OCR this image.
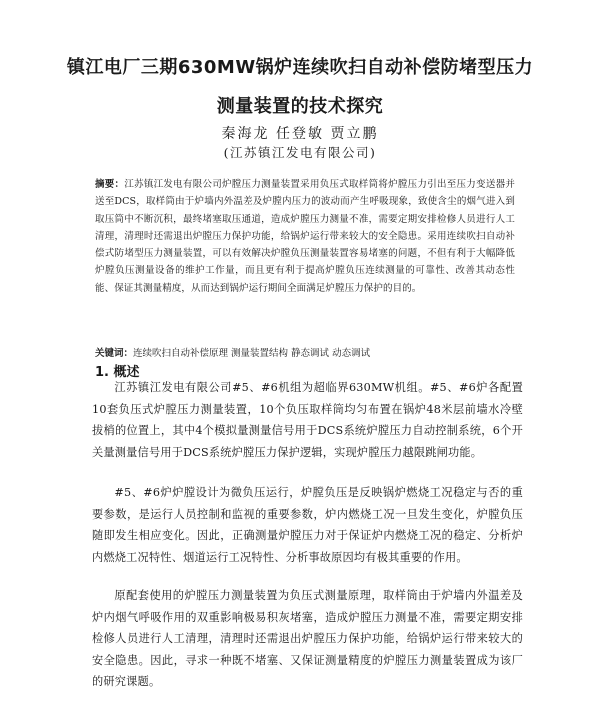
镇江电厂三期630MW锅炉连续吹扫自动补偿防堵型压力
测量装置的技术探究
秦海龙 任登敏 贾立鹏
(江苏镇江发电有限公司)

摘要：江苏镇江发电有限公司炉膛压力测量装置采用负压式取样筒将炉膛压力引出至压力变送器并送至DCS，取样筒由于炉墙内外温差及炉膛内压力的波动而产生呼吸现象，致使含尘的烟气进入到取压筒中不断沉积，最终堵塞取压通道，造成炉膛压力测量不准，需要定期安排检修人员进行人工清理，清理时还需退出炉膛压力保护功能，给锅炉运行带来较大的安全隐患。采用连续吹扫自动补偿式防堵型压力测量装置，可以有效解决炉膛负压测量装置容易堵塞的问题，不但有利于大幅降低炉膛负压测量设备的维护工作量，而且更有利于提高炉膛负压连续测量的可靠性、改善其动态性能、保证其测量精度，从而达到锅炉运行期间全面满足炉膛压力保护的目的。

关键词：连续吹扫自动补偿原理 测量装置结构 静态调试 动态调试

1. 概述

江苏镇江发电有限公司#5、#6机组为超临界630MW机组。#5、#6炉各配置10套负压式炉膛压力测量装置，10个负压取样筒均匀布置在锅炉48米层前墙水冷壁拔梢的位置上，其中4个模拟量测量信号用于DCS系统炉膛压力自动控制系统，6个开关量测量信号用于DCS系统炉膛压力保护逻辑，实现炉膛压力越限跳闸功能。

#5、#6炉炉膛设计为微负压运行，炉膛负压是反映锅炉燃烧工况稳定与否的重要参数，是运行人员控制和监视的重要参数，炉内燃烧工况一旦发生变化，炉膛负压随即发生相应变化。因此，正确测量炉膛压力对于保证炉内燃烧工况的稳定、分析炉内燃烧工况特性、烟道运行工况特性、分析事故原因均有极其重要的作用。

原配套使用的炉膛压力测量装置为负压式测量原理，取样筒由于炉墙内外温差及炉内烟气呼吸作用的双重影响极易积灰堵塞，造成炉膛压力测量不准，需要定期安排检修人员进行人工清理，清理时还需退出炉膛压力保护功能，给锅炉运行带来较大的安全隐患。因此，寻求一种既不堵塞、又保证测量精度的炉膛压力测量装置成为该厂的研究课题。
